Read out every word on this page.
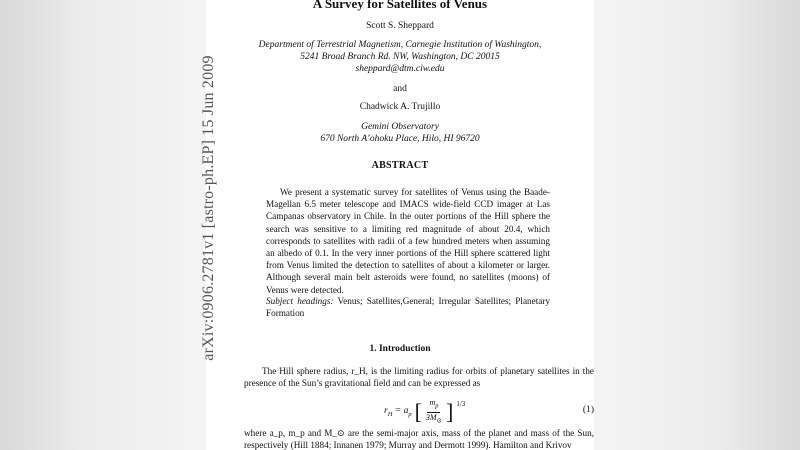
A Survey for Satellites of Venus
Scott S. Sheppard
Department of Terrestrial Magnetism, Carnegie Institution of Washington,
5241 Broad Branch Rd. NW, Washington, DC 20015
sheppard@dtm.ciw.edu
and
Chadwick A. Trujillo
Gemini Observatory
670 North A’ohoku Place, Hilo, HI 96720
ABSTRACT
We present a systematic survey for satellites of Venus using the Baade-Magellan 6.5 meter telescope and IMACS wide-field CCD imager at Las Campanas observatory in Chile. In the outer portions of the Hill sphere the search was sensitive to a limiting red magnitude of about 20.4, which corresponds to satellites with radii of a few hundred meters when assuming an albedo of 0.1. In the very inner portions of the Hill sphere scattered light from Venus limited the detection to satellites of about a kilometer or larger. Although several main belt asteroids were found, no satellites (moons) of Venus were detected.
Subject headings: Venus; Satellites,General; Irregular Satellites; Planetary Formation
1. Introduction
The Hill sphere radius, r_H, is the limiting radius for orbits of planetary satellites in the presence of the Sun’s gravitational field and can be expressed as
$r_H = a_p$ [ $\frac{m_p}{3M_⊙}$ ] 1/3
(1)
where a_p, m_p and M_⊙ are the semi-major axis, mass of the planet and mass of the Sun, respectively (Hill 1884; Innanen 1979; Murray and Dermott 1999). Hamilton and Krivov
arXiv:0906.2781v1 [astro-ph.EP] 15 Jun 2009
